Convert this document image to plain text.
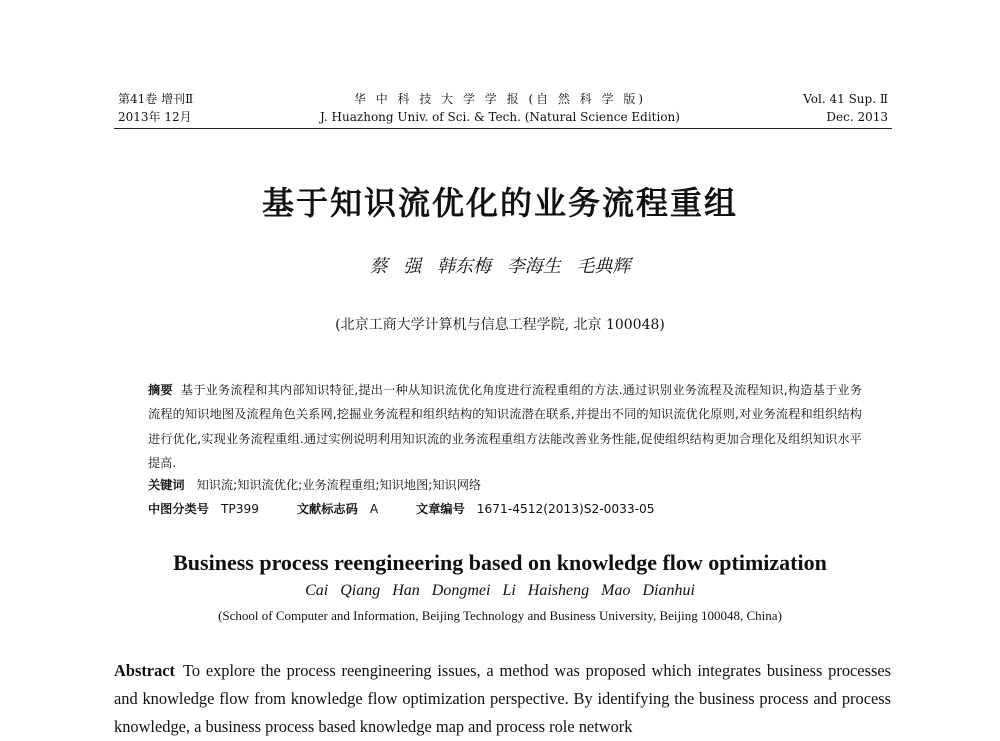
第41卷 增刊Ⅱ
2013年 12月
华 中 科 技 大 学 学 报 (自 然 科 学 版)
J. Huazhong Univ. of Sci. & Tech. (Natural Science Edition)
Vol. 41 Sup. Ⅱ
Dec. 2013
基于知识流优化的业务流程重组
蔡 强 韩东梅 李海生 毛典辉
(北京工商大学计算机与信息工程学院, 北京 100048)
摘要 基于业务流程和其内部知识特征,提出一种从知识流优化角度进行流程重组的方法.通过识别业务流程及流程知识,构造基于业务流程的知识地图及流程角色关系网,挖掘业务流程和组织结构的知识流潜在联系,并提出不同的知识流优化原则,对业务流程和组织结构进行优化,实现业务流程重组.通过实例说明利用知识流的业务流程重组方法能改善业务性能,促使组织结构更加合理化及组织知识水平提高.
关键词 知识流;知识流优化;业务流程重组;知识地图;知识网络
中图分类号 TP399	文献标志码 A	文章编号 1671-4512(2013)S2-0033-05
Business process reengineering based on knowledge flow optimization
Cai Qiang Han Dongmei Li Haisheng Mao Dianhui
(School of Computer and Information, Beijing Technology and Business University, Beijing 100048, China)
Abstract To explore the process reengineering issues, a method was proposed which integrates business processes and knowledge flow from knowledge flow optimization perspective. By identifying the business process and process knowledge, a business process based knowledge map and process role network
